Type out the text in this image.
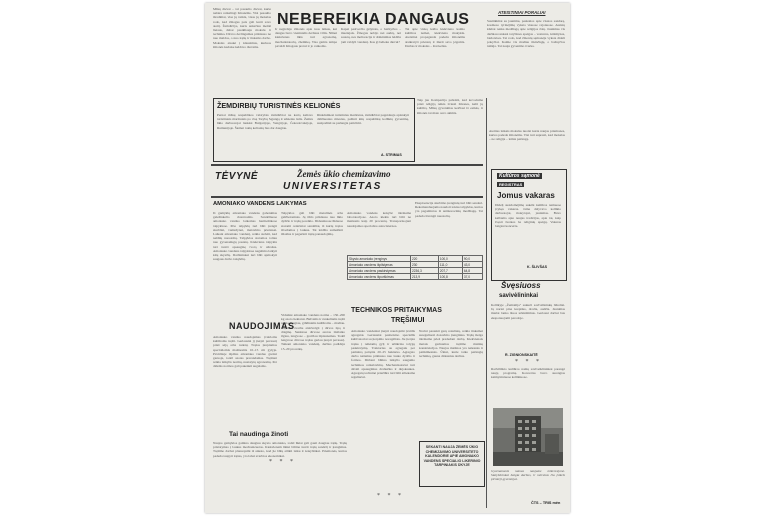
Mūsų dievai – tai pasaulio dievai, kurie nebėra reikalingi žmonėms. Visi pasaulio išradimai, visa jų veikla, visas jų mokslas rodo, kad žmogus pats gali kurti savo ateitį. Žemdirbys, kuris anksčiau meldė lietaus, dabar pasikliauja mokslu ir technika. Dirvos derlingumas priklauso ne nuo maldos, o nuo trąšų ir tinkamo darbo. Mokslas atsakė į klausimus, kuriuos žmonės kadaise keldavo dievams.
NEBEREIKIA DANGAUS	ATEISTINIAI PORALIAI
Ir negirdėjo žmonės apie tuos laikus, kai dangus buvo vienintelis derliaus viltis. Nūnai kiekvienas ūkis turi agronomą, mechanizatorių, chemiką. Visa gamta tampa pavaldi žmogaus protui ir jo rankoms.
Kapai pasiverčia gėlynais, o bažnyčios – muziejais. Žmogus nebijo nei audrų, nei sausrų, nes melioracija ir drėkinimas leidžia jam valdyti vandenį. Kas gi belieka dievui?
Tai apie viską kalba kiekvieno kaimo kultūros namai, kiekviena mokykla. Ateistinė propaganda padeda žmonėms atsikratyti prietarų ir tikėti savo jėgomis. Darbas ir mokslas – štai kelias.
Susitikimai su jaunimu, paskaitos apie visatos sandarą, kosmoso tyrinėjimą vyksta visuose rajonuose. Ateistų klubai renka medžiagą apie religijos žalą. Jaunimas vis dažniau renkasi tarybines apeigas – vestuves, krikštynas, laidotuves. Tai rodo, kad žmonių sąmonėje vyksta dideli pokyčiai. Kaime vis mažiau tikinčiųjų, o bažnyčios tuštėja. Tai nauja gyvenimo tvarka.
ŽEMDIRBIŲ TURISTINĖS KELIONĖS
Pernai mūsų respublikos valstybės žemdirbiai ne kartą keliavo turistiniais maršrutais po visą Tarybų Sąjungą ir užsienio šalis. Žemės ūkio darbuotojai lankėsi Bulgarijoje, Vengrijoje, Čekoslovakijoje, Rumunijoje. Šiemet tokių kelionių bus dar daugiau.
Rinkdamiesi turistinius maršrutus, žemdirbiai pageidauja aplankyti didžiuosius miestus, pažinti kitų respublikų kolūkių gyvenimą, susipažinti su pažangia patirtimi.
A. STRIMAS
Taip jau Kompartija pabrėžė, kad kovodama prieš religiją reikia šviesti žmones, kelti jų kultūrą. Mūsų gyvenimas keičiasi iš esmės, ir žmonės tai mato savo akimis.
TĖVYNĖ	Žemės ūkio chemizavimo
UNIVERSITETAS
AMONIAKO VANDENS LAIKYMAS
Iš gamyklų amoniako vandens gabenimas geležinkelio cisternomis. Sandėliuose amoniako vanduo laikomas hermetiškose talpyklose. Prie talpyklų turi būti įrengti siurbliai, vamzdynai, matavimo prietaisai. Laikant amoniako vandenį, reikia stebėti, kad nebūtų nuostolių. Talpyklos statomos toliau nuo gyvenamųjų pastatų. Kiekviena talpykla turi turėti apsauginę tvorą ir užrašus. Amoniako vandens talpyklose negalima laikyti kitų skysčių. Darbininkai turi būti apmokyti saugaus darbo taisyklių.
Talpyklos gali būti metalinės arba gelžbetoninės. Jų tūris priklauso nuo ūkio dydžio ir trąšų poreikio. Didesniuose ūkiuose statomi centriniai sandėliai, iš kurių trąšos išvežamos į laukus. Tai leidžia sumažinti išlaidas ir pagerinti trąšų panaudojimą.
Amoniako vandens kokybė tikrinama laboratorijose. Azoto kiekis turi būti ne mažesnis kaip 20 procentų. Transportuojant naudojamos specialios autocisternos.
Eksploatacija siurbimo įrenginių turi būti sandari. Rekomenduojama naudoti tokias talpyklas, kurios yra pagamintos iš antikorozinių medžiagų. Tai padeda išvengti nuostolių.
Skysto amoniako įrenginys	220	100,0	90,0
Amoniako vandens išpilstymas	230	111,0	43,0
Amoniako vandens paskirstymas	2236,3	207,7	64,8
Amoniako vandens išpurškimas	213,9	100,8	37,0
NAUDOJIMAS
Amoniako vanduo naudojamas įvairioms kultūroms tręšti. Geriausiai jį įterpti pavasarį prieš sėją arba rudenį. Trąšos įterpiamos specialiomis mašinomis 10–15 cm gylyje. Paviršiuje išpiltas amoniako vanduo greitai garuoja, todėl azotas prarandamas. Tręšiant reikia laikytis normų, nustatytų agronomų. Per didelės normos gali pakenkti augalams.
Vidutinė amoniako vandens norma – 150–200 kg azoto hektarui. Bulvėms ir runkeliams tręšti reikia daugiau, grūdinėms kultūroms – mažiau. Tręšiant svarbu atsižvelgti į dirvos tipą ir drėgmę. Sunkiose dirvose azotas išsilaiko ilgiau, lengvose – greičiau išplaunamas. Todėl lengvose dirvose trąšas geriau įterpti pavasarį. Taikant amoniako vandenį, derlius padidėja 15–20 procentų.
Tai naudinga žinoti
Naujos gamyklos gamina daugiau skysto amoniako, todėl ūkiai gali gauti daugiau trąšų. Trąšų pristatymas į laukus mechanizuotas. Kiekvienam ūkiui būtina turėti trąšų sandėlį ir įrengimus. Tręšimo darbai planuojami iš anksto, kad jie būtų atlikti laiku ir kokybiškai. Priemonės, kurios padeda taupyti trąšas, yra labai svarbios ekonomikai.
* * *
TECHNIKOS PRITAIKYMAS
TRĘŠIMUI
Amoniako vandeniui įterpti naudojami įvairūs agregatai. Geriausiai pasiteisino specialūs kultivatoriai su įterpimo noragėliais. Jie įterpia trąšas į reikiamą gylį ir užtikrina tolygų paskirstymą. Traktorius su agregatu per pamainą patręšia 20–25 hektarus. Agregato darbo našumas priklauso nuo lauko dydžio ir formos. Dirbant būtina laikytis saugumo technikos reikalavimų. Mechanizatoriai turi dėvėti apsauginius drabužius ir dujokaukes. Agregatų techninė priežiūra turi būti atliekama reguliariai.
Norint pasiekti gerų rezultatų, reikia tinkamai sureguliuoti dozavimo įrenginius. Trąšų išeiga tikrinama prieš pradedant darbą. Kiekvienais metais gerinamos tręšimo mašinų konstrukcijos. Naujos mašinos yra našesnės ir patikimesnės. Ūkiai, kurie taiko pažangią techniką, gauna didesnius derlius.
SEKANTI NAUJA ŽEMĖS ŪKIO CHEMIZAVIMO UNIVERSITETO KALENDORIE APIE AMONIAKO VANDENS SPECIALIO LIKERINIO TARPINIAKIS ŪKYJE
* * *
Ateities laikais mokslas nuolat kuria naujas priemones, kurios padeda žmonėms. Visi turi suprasti, kad mokslas – ne religija – lemia pažangą.
Kultūros sąmonė
REGISTRAS
Jomus vakaras
Didelį susidomėjimą sukėlė kultūros namuose įvykęs vakaras. Jame dalyvavo kolūkio darbuotojai, mokytojai, jaunimas. Buvo kalbama apie naujas tradicijas, apie tai, kaip švęsti šventes be religinių apeigų. Vakaras baigėsi koncertu.
K. ŠLIVŠAS
Švęsiuoss
savivėlininkai
Kolūkyje „Žemaitija" sukurti savivėlininkų būreliai. Jų nariai pina krepšius, drožia, audžia. Jaunimas mielai lanko šiuos užsiėmimus. Geriausi darbai bus eksponuojami parodoje.
R. ZIGNIONSKAITĖ
* * *
Radviliškio kultūros namų saviveiklininkai parengė naują programą. Koncertas buvo surengtas kaimyniniuose kolūkiuose.
Gyvenamasis namas naujame mikrorajone. Statybininkai baigia darbus, ir netrukus čia įsikels pirmieji gyventojai.
ČTS – TRIS mėn
